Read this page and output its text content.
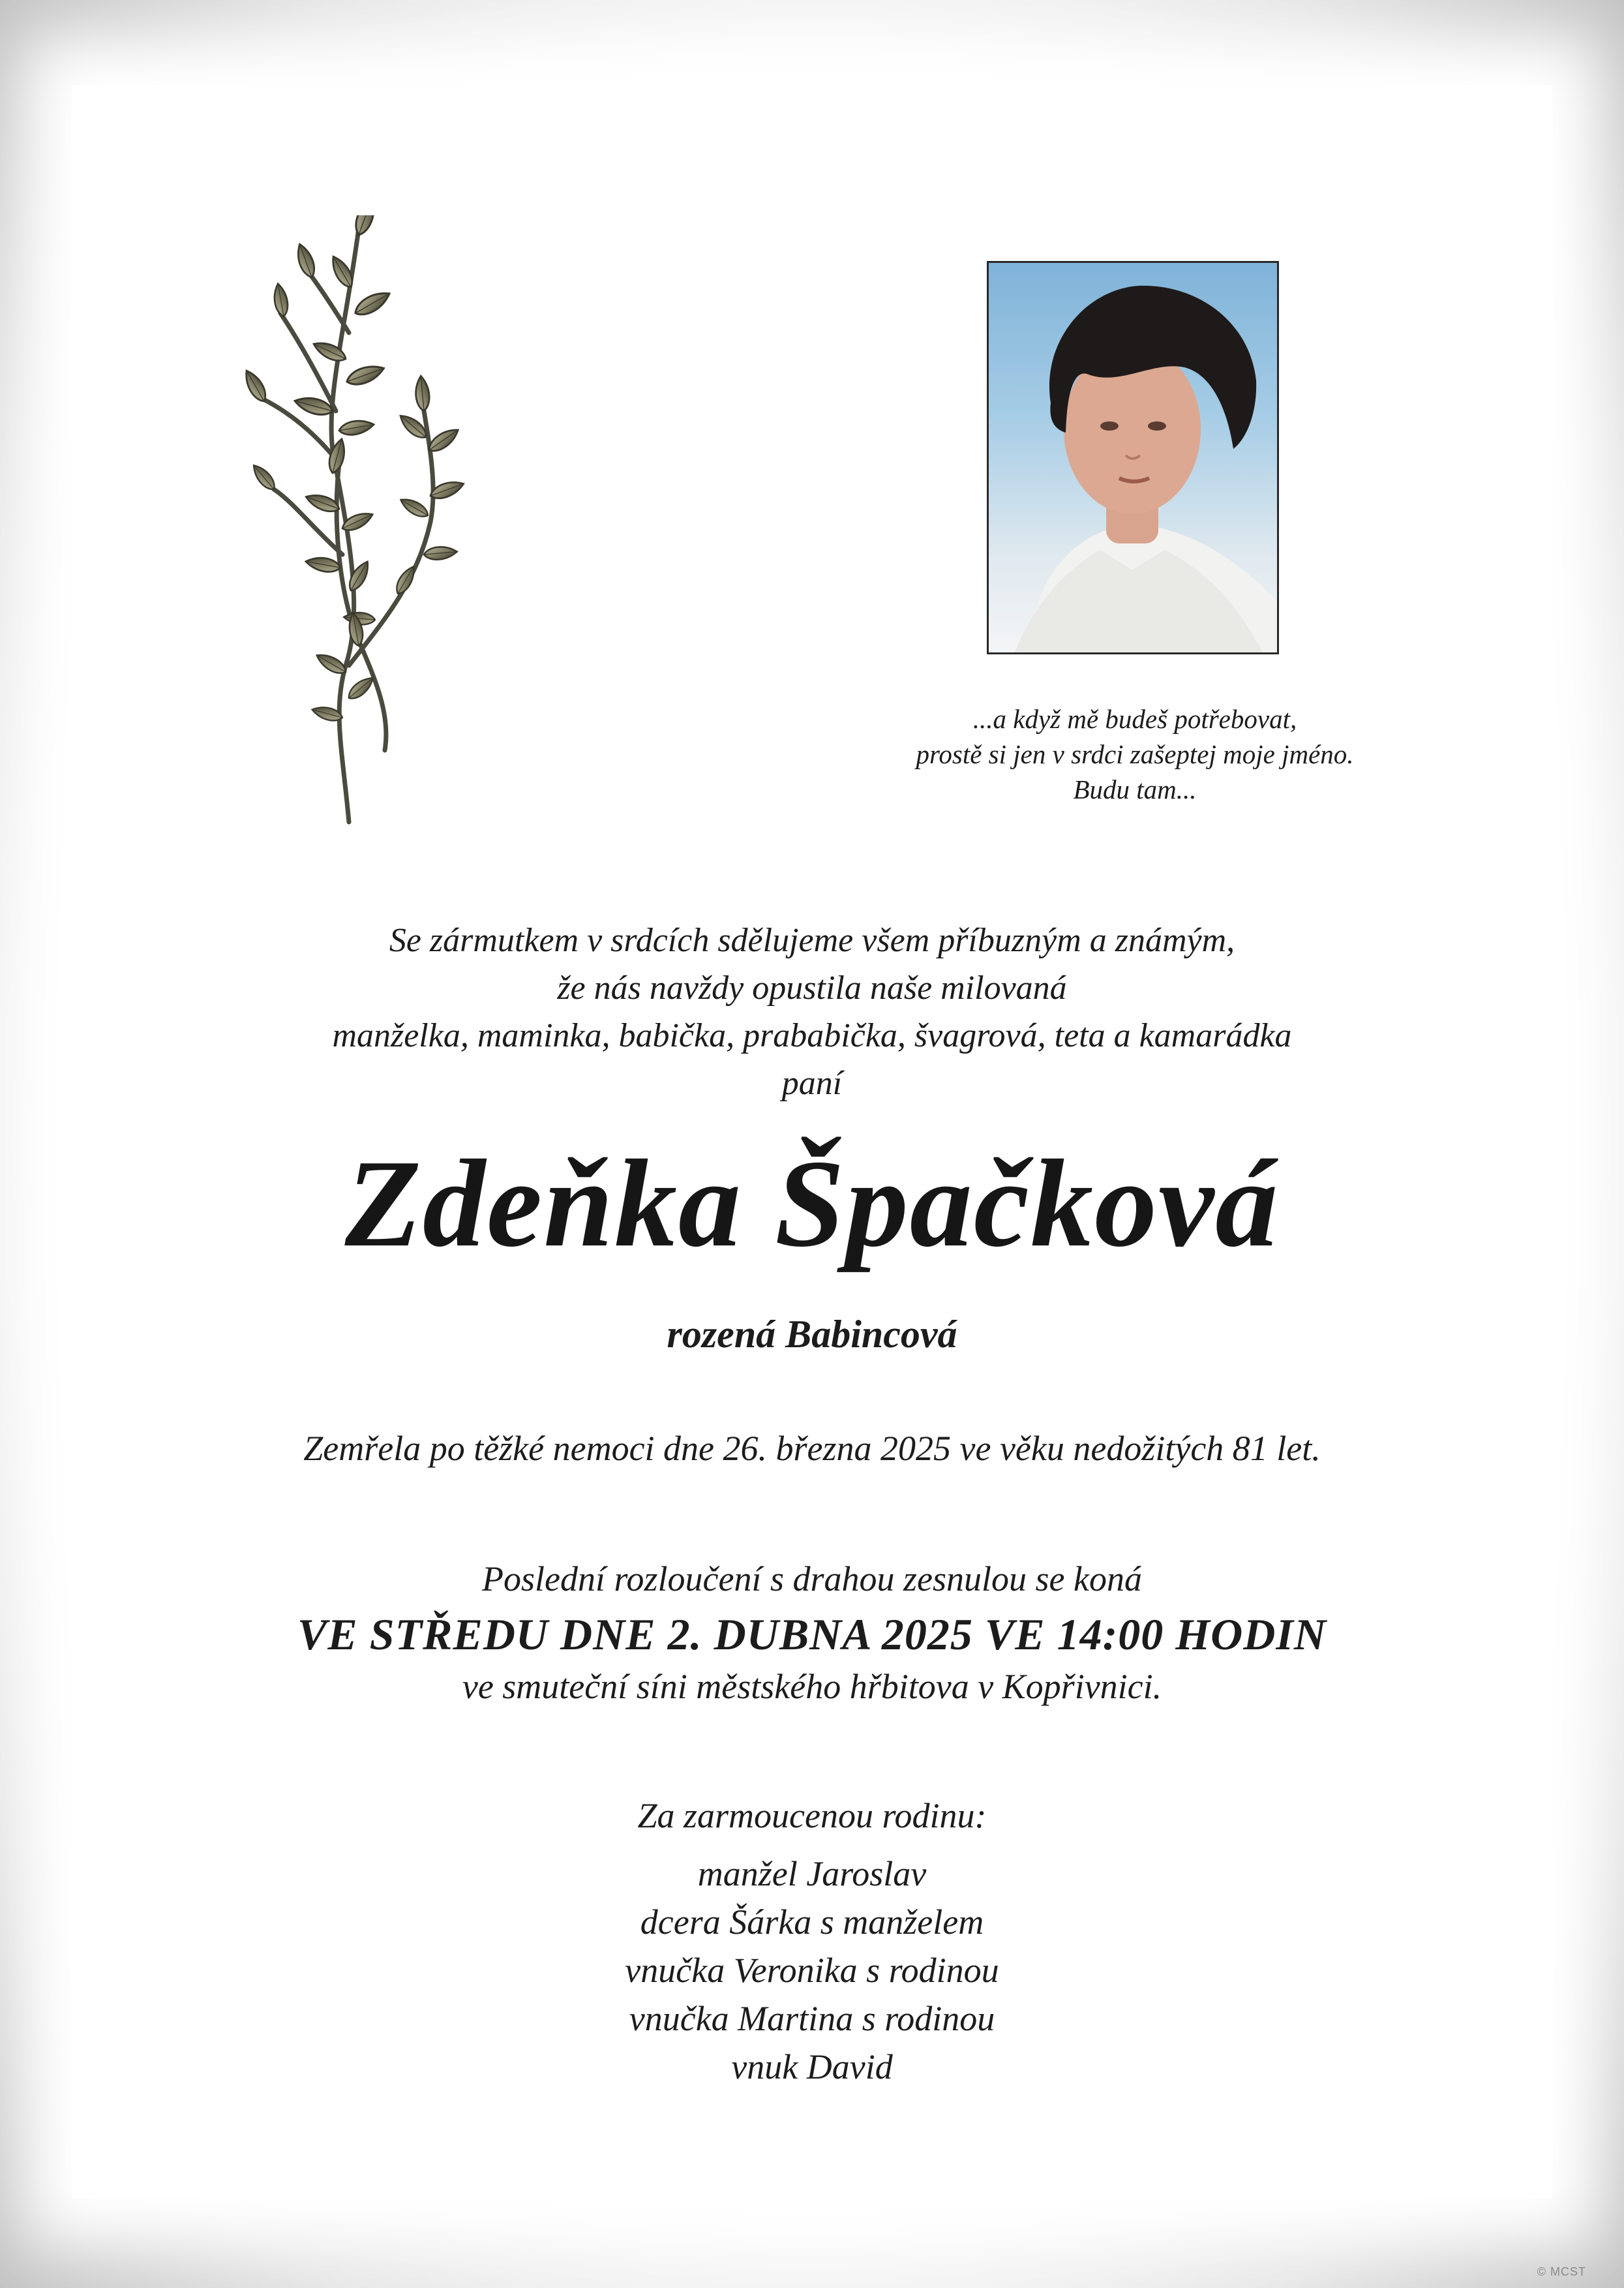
...a když mě budeš potřebovat,
prostě si jen v srdci zašeptej moje jméno.
Budu tam...
Se zármutkem v srdcích sdělujeme všem příbuzným a známým,
že nás navždy opustila naše milovaná
manželka, maminka, babička, prababička, švagrová, teta a kamarádka
paní
Zdeňka Špačková
rozená Babincová
Zemřela po těžké nemoci dne 26. března 2025 ve věku nedožitých 81 let.
Poslední rozloučení s drahou zesnulou se koná
VE STŘEDU DNE 2. DUBNA 2025 VE 14:00 HODIN
ve smuteční síni městského hřbitova v Kopřivnici.
Za zarmoucenou rodinu:
manžel Jaroslav
dcera Šárka s manželem
vnučka Veronika s rodinou
vnučka Martina s rodinou
vnuk David
© MCST
